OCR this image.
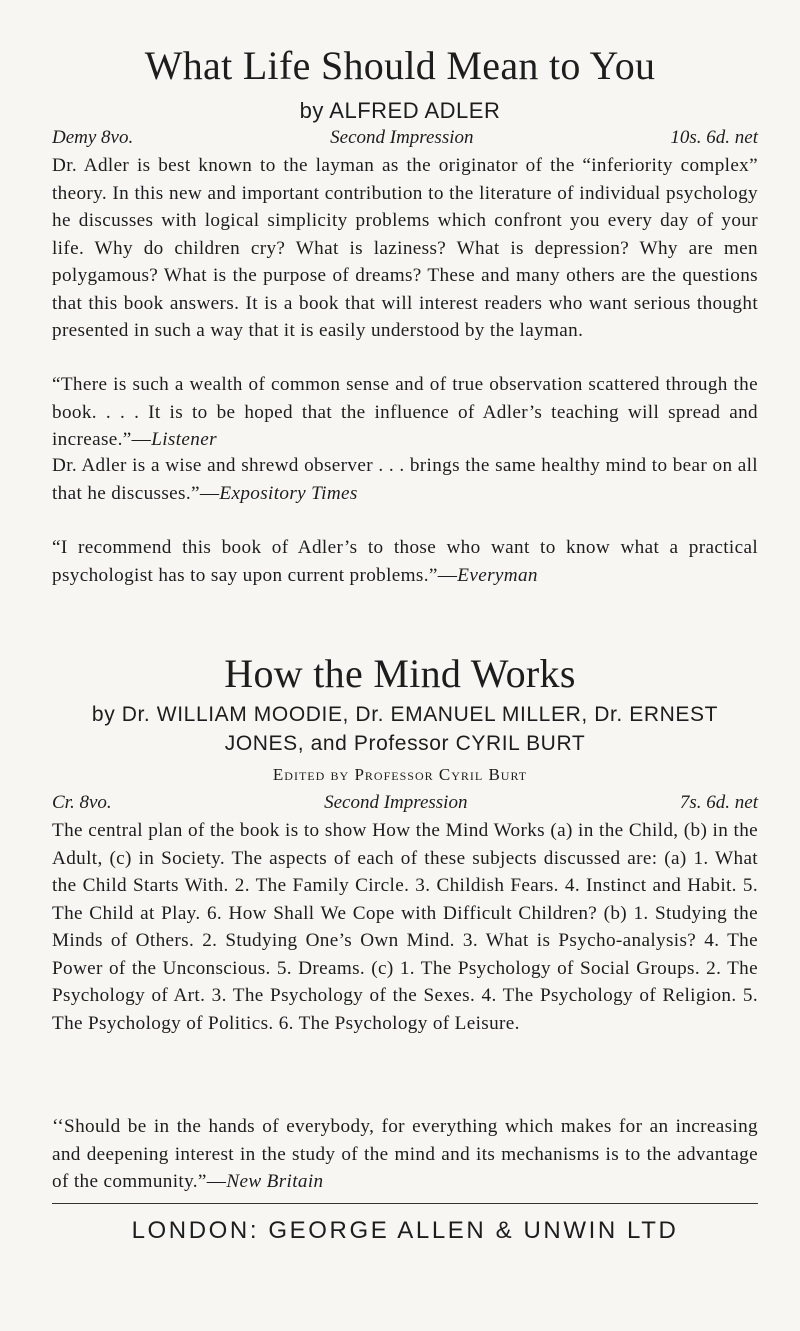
What Life Should Mean to You
by ALFRED ADLER
Demy 8vo.	Second Impression	10s. 6d. net

Dr. Adler is best known to the layman as the originator of the “inferiority complex” theory. In this new and important contribution to the literature of individual psychology he discusses with logical simplicity problems which confront you every day of your life. Why do children cry? What is laziness? What is depression? Why are men polygamous? What is the purpose of dreams? These and many others are the questions that this book answers. It is a book that will interest readers who want serious thought presented in such a way that it is easily understood by the layman.

“There is such a wealth of common sense and of true observation scattered through the book. . . . It is to be hoped that the influence of Adler’s teaching will spread and increase.”—Listener

Dr. Adler is a wise and shrewd observer . . . brings the same healthy mind to bear on all that he discusses.”—Expository Times

“I recommend this book of Adler’s to those who want to know what a practical psychologist has to say upon current problems.”—Everyman

How the Mind Works

by Dr. WILLIAM MOODIE, Dr. EMANUEL MILLER, Dr. ERNEST JONES, and Professor CYRIL BURT

Edited by Professor Cyril Burt
Cr. 8vo.	Second Impression	7s. 6d. net

The central plan of the book is to show How the Mind Works (a) in the Child, (b) in the Adult, (c) in Society. The aspects of each of these subjects discussed are: (a) 1. What the Child Starts With. 2. The Family Circle. 3. Childish Fears. 4. Instinct and Habit. 5. The Child at Play. 6. How Shall We Cope with Difficult Children? (b) 1. Studying the Minds of Others. 2. Studying One’s Own Mind. 3. What is Psycho-analysis? 4. The Power of the Unconscious. 5. Dreams. (c) 1. The Psychology of Social Groups. 2. The Psychology of Art. 3. The Psychology of the Sexes. 4. The Psychology of Religion. 5. The Psychology of Politics. 6. The Psychology of Leisure.

‘‘Should be in the hands of everybody, for everything which makes for an increasing and deepening interest in the study of the mind and its mechanisms is to the advantage of the community.”—New Britain

LONDON: GEORGE ALLEN & UNWIN LTD
